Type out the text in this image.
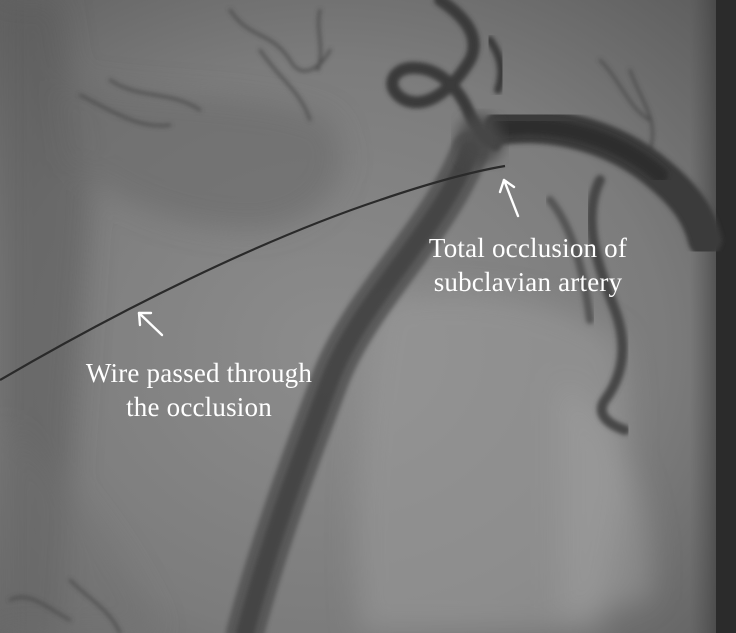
Total occlusion of
subclavian artery
Wire passed through
the occlusion
